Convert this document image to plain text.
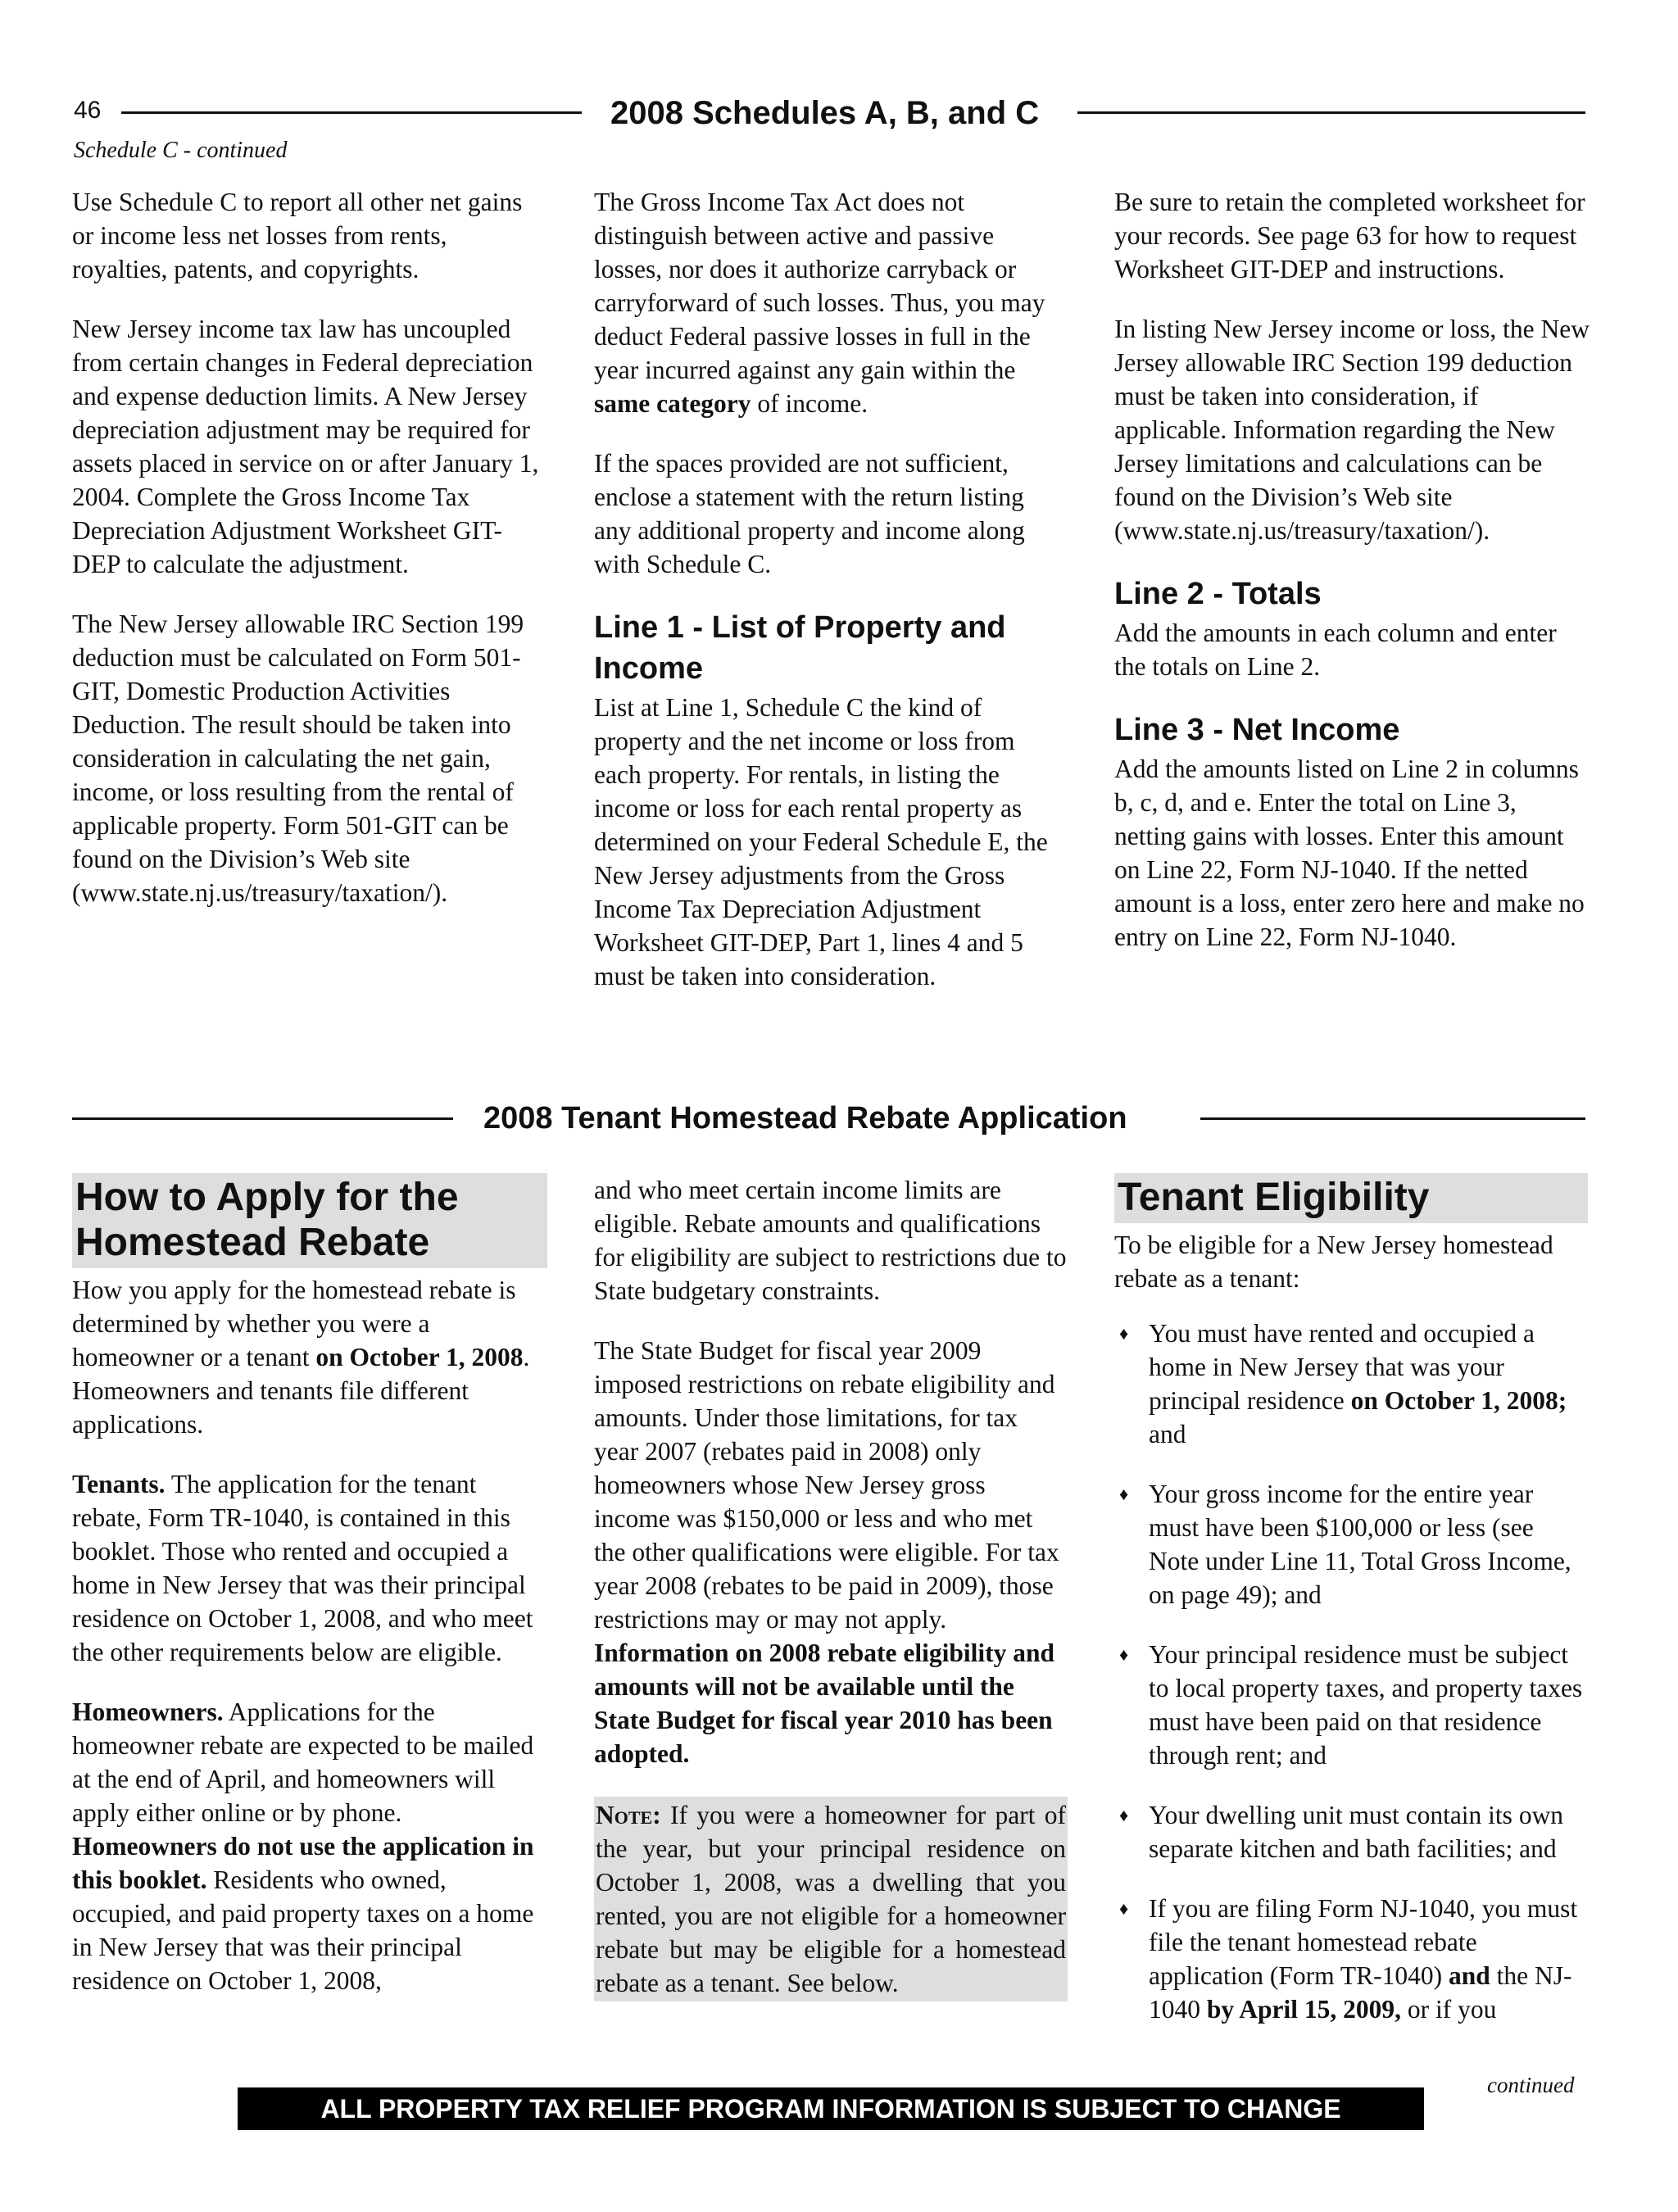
46	2008 Schedules A, B, and C
Schedule C - continued

Use Schedule C to report all other net gains or income less net losses from rents, royalties, patents, and copyrights.

New Jersey income tax law has uncoupled from certain changes in Federal depreciation and expense deduction limits. A New Jersey depreciation adjustment may be required for assets placed in service on or after January 1, 2004. Complete the Gross Income Tax Depreciation Adjustment Worksheet GIT-DEP to calculate the adjustment.

The New Jersey allowable IRC Section 199 deduction must be calculated on Form 501-GIT, Domestic Production Activities Deduction. The result should be taken into consideration in calculating the net gain, income, or loss resulting from the rental of applicable property. Form 501-GIT can be found on the Division’s Web site (www.state.nj.us/treasury/taxation/).

The Gross Income Tax Act does not distinguish between active and passive losses, nor does it authorize carryback or carryforward of such losses. Thus, you may deduct Federal passive losses in full in the year incurred against any gain within the same category of income.

If the spaces provided are not sufficient, enclose a statement with the return listing any additional property and income along with Schedule C.

Line 1 - List of Property and Income

List at Line 1, Schedule C the kind of property and the net income or loss from each property. For rentals, in listing the income or loss for each rental property as determined on your Federal Schedule E, the New Jersey adjustments from the Gross Income Tax Depreciation Adjustment Worksheet GIT-DEP, Part 1, lines 4 and 5 must be taken into consideration.

Be sure to retain the completed worksheet for your records. See page 63 for how to request Worksheet GIT-DEP and instructions.

In listing New Jersey income or loss, the New Jersey allowable IRC Section 199 deduction must be taken into consideration, if applicable. Information regarding the New Jersey limitations and calculations can be found on the Division’s Web site (www.state.nj.us/treasury/taxation/).

Line 2 - Totals

Add the amounts in each column and enter the totals on Line 2.

Line 3 - Net Income

Add the amounts listed on Line 2 in columns b, c, d, and e. Enter the total on Line 3, netting gains with losses. Enter this amount on Line 22, Form NJ-1040. If the netted amount is a loss, enter zero here and make no entry on Line 22, Form NJ-1040.

2008 Tenant Homestead Rebate Application
How to Apply for the Homestead Rebate

How you apply for the homestead rebate is determined by whether you were a homeowner or a tenant on October 1, 2008. Homeowners and tenants file different applications.

Tenants. The application for the tenant rebate, Form TR-1040, is contained in this booklet. Those who rented and occupied a home in New Jersey that was their principal residence on October 1, 2008, and who meet the other requirements below are eligible.

Homeowners. Applications for the homeowner rebate are expected to be mailed at the end of April, and homeowners will apply either online or by phone. Homeowners do not use the application in this booklet. Residents who owned, occupied, and paid property taxes on a home in New Jersey that was their principal residence on October 1, 2008,

and who meet certain income limits are eligible. Rebate amounts and qualifications for eligibility are subject to restrictions due to State budgetary constraints.

The State Budget for fiscal year 2009 imposed restrictions on rebate eligibility and amounts. Under those limitations, for tax year 2007 (rebates paid in 2008) only homeowners whose New Jersey gross income was $150,000 or less and who met the other qualifications were eligible. For tax year 2008 (rebates to be paid in 2009), those restrictions may or may not apply. Information on 2008 rebate eligibility and amounts will not be available until the State Budget for fiscal year 2010 has been adopted.

Note: If you were a homeowner for part of the year, but your principal residence on October 1, 2008, was a dwelling that you rented, you are not eligible for a homeowner rebate but may be eligible for a homestead rebate as a tenant. See below.
Tenant Eligibility

To be eligible for a New Jersey homestead rebate as a tenant:

♦ You must have rented and occupied a home in New Jersey that was your principal residence on October 1, 2008; and
♦ Your gross income for the entire year must have been $100,000 or less (see Note under Line 11, Total Gross Income, on page 49); and
♦ Your principal residence must be subject to local property taxes, and property taxes must have been paid on that residence through rent; and
♦ Your dwelling unit must contain its own separate kitchen and bath facilities; and
♦ If you are filing Form NJ-1040, you must file the tenant homestead rebate application (Form TR-1040) and the NJ-1040 by April 15, 2009, or if you
ALL PROPERTY TAX RELIEF PROGRAM INFORMATION IS SUBJECT TO CHANGE
continued
